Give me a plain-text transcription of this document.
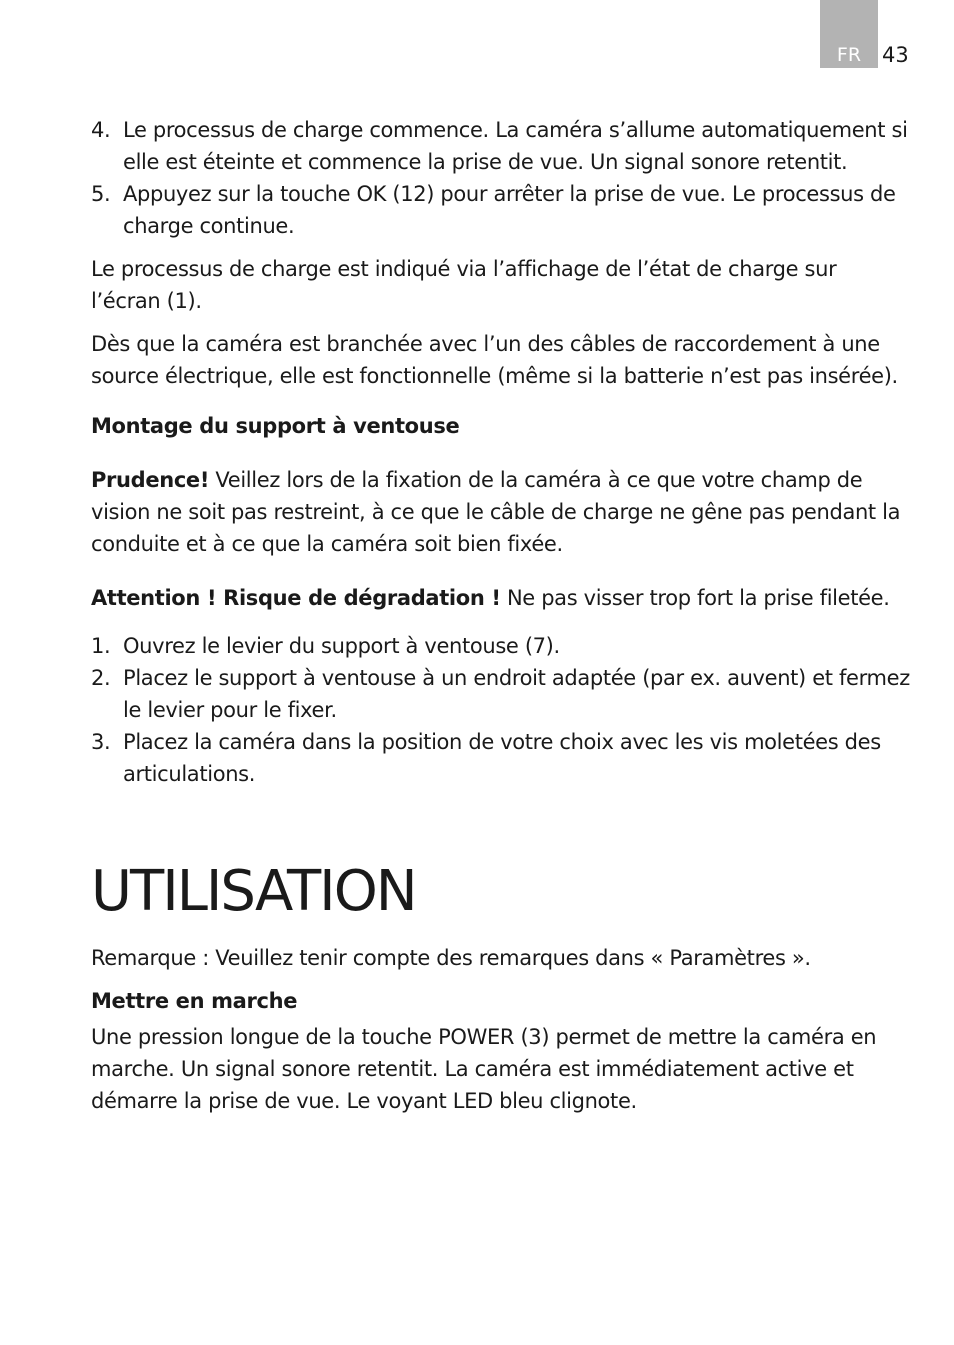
FR 43
4. Le processus de charge commence. La caméra s’allume automatiquement si elle est éteinte et commence la prise de vue. Un signal sonore retentit.
5. Appuyez sur la touche OK (12) pour arrêter la prise de vue. Le processus de charge continue.

Le processus de charge est indiqué via l’affichage de l’état de charge sur l’écran (1).

Dès que la caméra est branchée avec l’un des câbles de raccordement à une source électrique, elle est fonctionnelle (même si la batterie n’est pas insérée).

Montage du support à ventouse

Prudence! Veillez lors de la fixation de la caméra à ce que votre champ de vision ne soit pas restreint, à ce que le câble de charge ne gêne pas pendant la conduite et à ce que la caméra soit bien fixée.

Attention ! Risque de dégradation ! Ne pas visser trop fort la prise filetée.

1. Ouvrez le levier du support à ventouse (7).
2. Placez le support à ventouse à un endroit adaptée (par ex. auvent) et fermez le levier pour le fixer.
3. Placez la caméra dans la position de votre choix avec les vis moletées des articulations.
UTILISATION

Remarque : Veuillez tenir compte des remarques dans « Paramètres ».

Mettre en marche

Une pression longue de la touche POWER (3) permet de mettre la caméra en marche. Un signal sonore retentit. La caméra est immédiatement active et démarre la prise de vue. Le voyant LED bleu clignote.
